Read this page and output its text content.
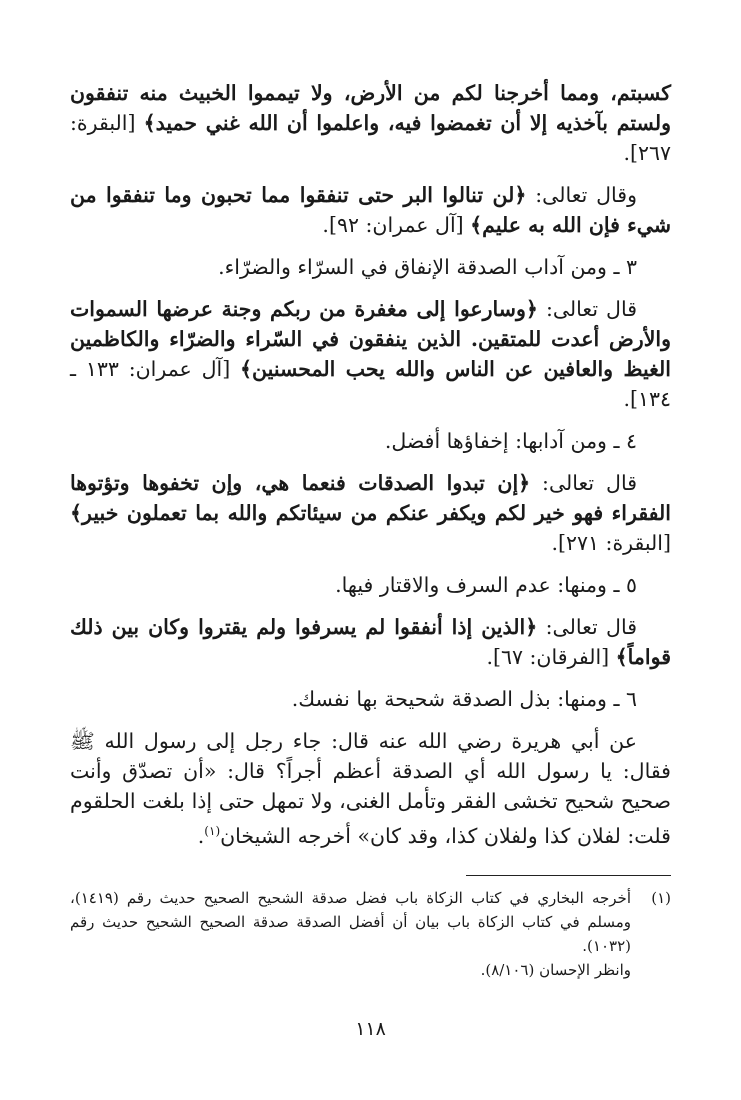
كسبتم، ومما أخرجنا لكم من الأرض، ولا تيمموا الخبيث منه تنفقون ولستم بآخذيه إلا أن تغمضوا فيه، واعلموا أن الله غني حميد﴾ [البقرة: ٢٦٧].

وقال تعالى: ﴿لن تنالوا البر حتى تنفقوا مما تحبون وما تنفقوا من شيء فإن الله به عليم﴾ [آل عمران: ٩٢].

٣ ـ ومن آداب الصدقة الإنفاق في السرّاء والضرّاء.

قال تعالى: ﴿وسارعوا إلى مغفرة من ربكم وجنة عرضها السموات والأرض أعدت للمتقين. الذين ينفقون في السّراء والضرّاء والكاظمين الغيظ والعافين عن الناس والله يحب المحسنين﴾ [آل عمران: ١٣٣ ـ ١٣٤].

٤ ـ ومن آدابها: إخفاؤها أفضل.

قال تعالى: ﴿إن تبدوا الصدقات فنعما هي، وإن تخفوها وتؤتوها الفقراء فهو خير لكم ويكفر عنكم من سيئاتكم والله بما تعملون خبير﴾ [البقرة: ٢٧١].

٥ ـ ومنها: عدم السرف والاقتار فيها.

قال تعالى: ﴿الذين إذا أنفقوا لم يسرفوا ولم يقتروا وكان بين ذلك قواماً﴾ [الفرقان: ٦٧].

٦ ـ ومنها: بذل الصدقة شحيحة بها نفسك.

عن أبي هريرة رضي الله عنه قال: جاء رجل إلى رسول الله ﷺ فقال: يا رسول الله أي الصدقة أعظم أجراً؟ قال: «أن تصدّق وأنت صحيح شحيح تخشى الفقر وتأمل الغنى، ولا تمهل حتى إذا بلغت الحلقوم قلت: لفلان كذا ولفلان كذا، وقد كان» أخرجه الشيخان$^{(١)}$.

(١)
أخرجه البخاري في كتاب الزكاة باب فضل صدقة الشحيح الصحيح حديث رقم (١٤١٩)، ومسلم في كتاب الزكاة باب بيان أن أفضل الصدقة صدقة الصحيح الشحيح حديث رقم (١٠٣٢).
وانظر الإحسان (٨/١٠٦).
١١٨
